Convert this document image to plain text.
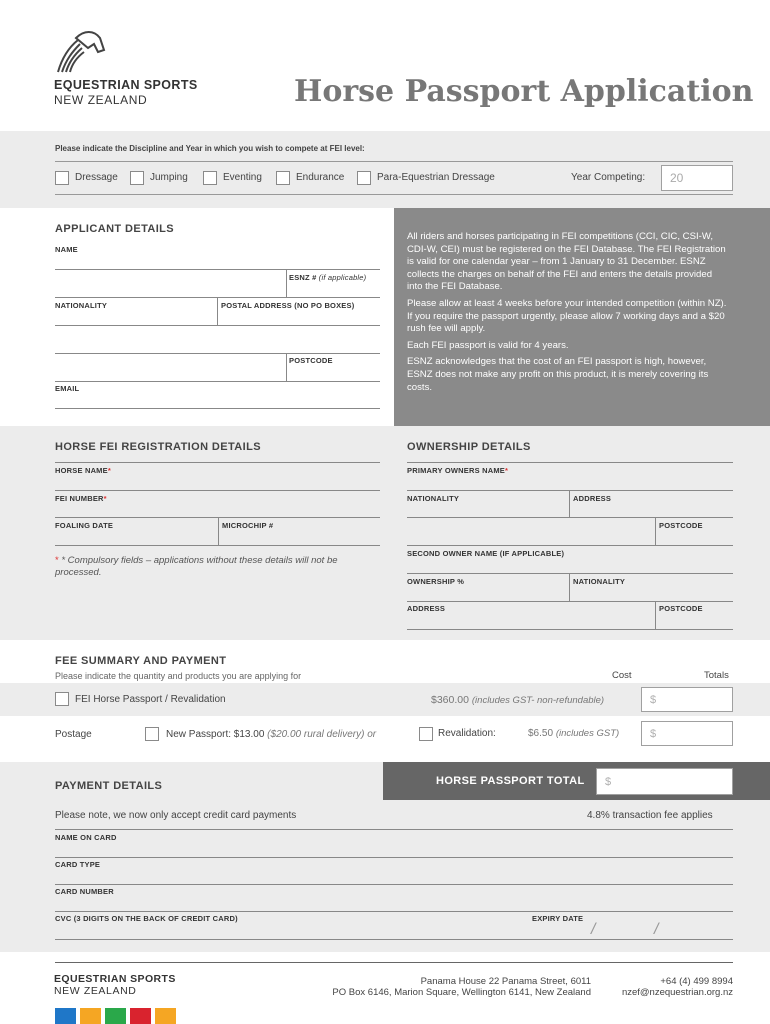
EQUESTRIAN SPORTS
NEW ZEALAND	Horse Passport Application
Please indicate the Discipline and Year in which you wish to compete at FEI level:
Dressage	Jumping	Eventing	Endurance	Para-Equestrian Dressage	Year Competing: 20
APPLICANT DETAILS
NAME
ESNZ # (if applicable)
NATIONALITY	POSTAL ADDRESS (NO PO BOXES)
POSTCODE
EMAIL

All riders and horses participating in FEI competitions (CCI, CIC, CSI-W, CDI-W, CEI) must be registered on the FEI Database. The FEI Registration is valid for one calendar year – from 1 January to 31 December. ESNZ collects the charges on behalf of the FEI and enters the details provided into the FEI Database.

Please allow at least 4 weeks before your intended competition (within NZ). If you require the passport urgently, please allow 7 working days and a $20 rush fee will apply.

Each FEI passport is valid for 4 years.

ESNZ acknowledges that the cost of an FEI passport is high, however, ESNZ does not make any profit on this product, it is merely covering its costs.

HORSE FEI REGISTRATION DETAILS
HORSE NAME*
FEI NUMBER*
FOALING DATE	MICROCHIP #
* * Compulsory fields – applications without these details will not be processed.
OWNERSHIP DETAILS
PRIMARY OWNERS NAME*
NATIONALITY	ADDRESS
POSTCODE
SECOND OWNER NAME (IF APPLICABLE)
OWNERSHIP %	NATIONALITY
ADDRESS	POSTCODE
FEE SUMMARY AND PAYMENT
Please indicate the quantity and products you are applying for	Cost	Totals
FEI Horse Passport / Revalidation	$360.00 (includes GST- non-refundable)	$
Postage	New Passport: $13.00 ($20.00 rural delivery) or	Revalidation:	$6.50 (includes GST)	$
PAYMENT DETAILS	HORSE PASSPORT TOTAL $
Please note, we now only accept credit card payments	4.8% transaction fee applies
NAME ON CARD
CARD TYPE
CARD NUMBER
CVC (3 DIGITS ON THE BACK OF CREDIT CARD)	EXPIRY DATE
/	/
EQUESTRIAN SPORTS
NEW ZEALAND
Panama House 22 Panama Street, 6011
PO Box 6146, Marion Square, Wellington 6141, New Zealand
+64 (4) 499 8994
nzef@nzequestrian.org.nz
